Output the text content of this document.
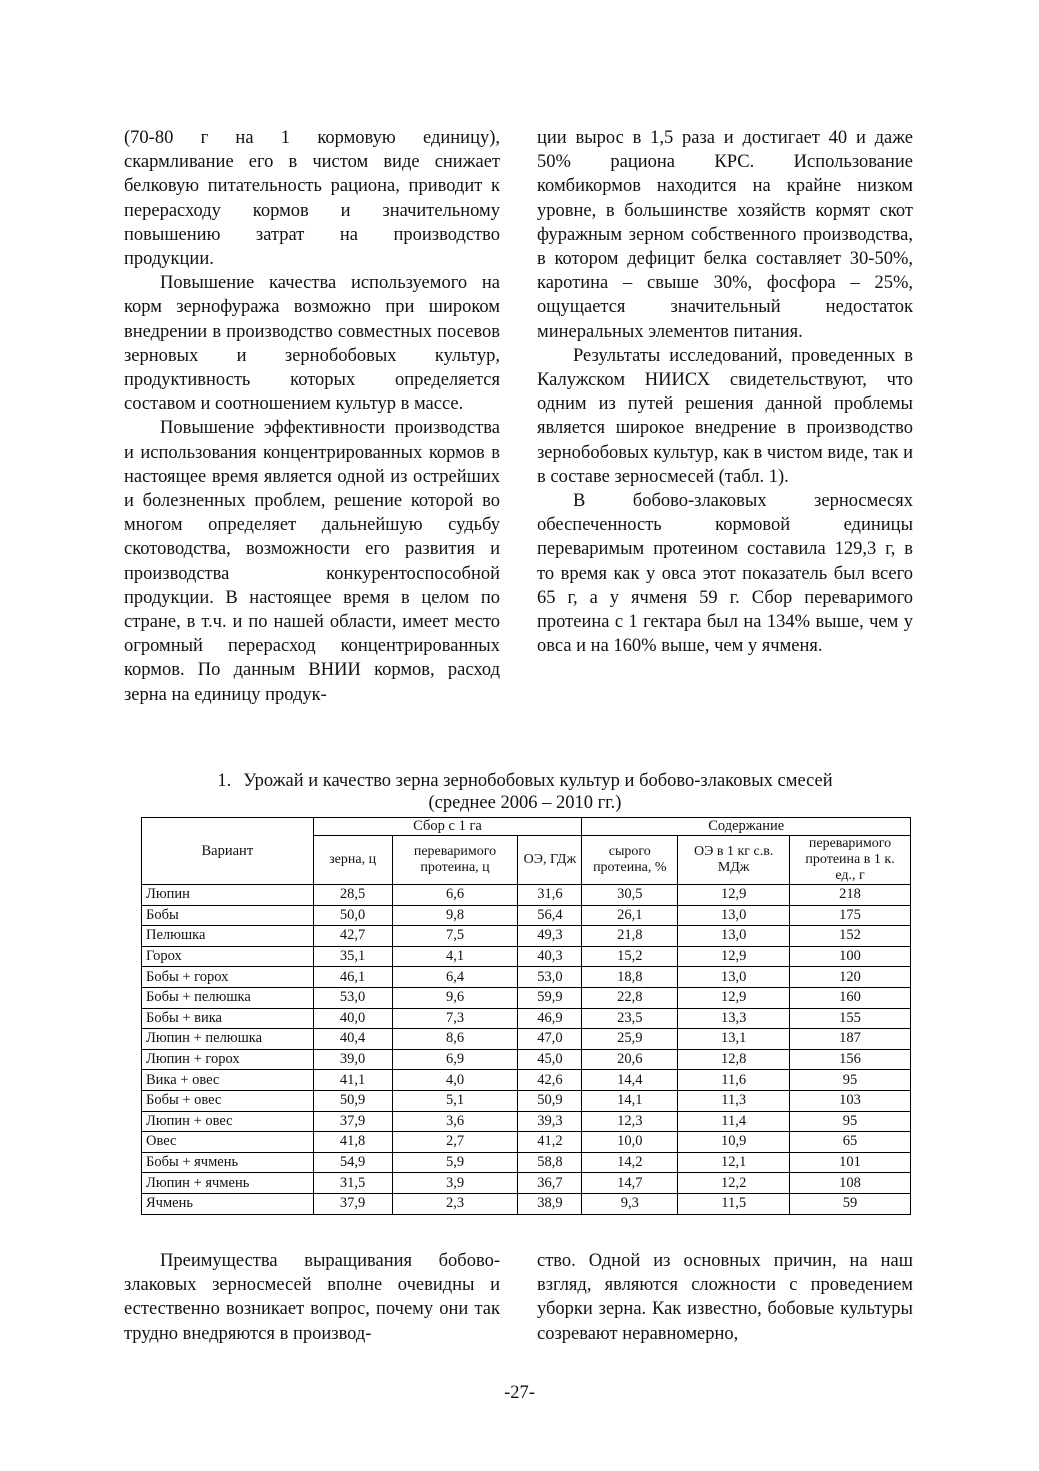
(70-80 г на 1 кормовую единицу), скармливание его в чистом виде снижает белковую питательность рациона, приводит к перерасходу кормов и значительному повышению затрат на производство продукции.

Повышение качества используемого на корм зернофуража возможно при широком внедрении в производство совместных посевов зерновых и зернобобовых культур, продуктивность которых определяется составом и соотношением культур в массе.

Повышение эффективности производства и использования концентрированных кормов в настоящее время является одной из острейших и болезненных проблем, решение которой во многом определяет дальнейшую судьбу скотоводства, возможности его развития и производства конкурентоспособной продукции. В настоящее время в целом по стране, в т.ч. и по нашей области, имеет место огромный перерасход концентрированных кормов. По данным ВНИИ кормов, расход зерна на единицу продук-

ции вырос в 1,5 раза и достигает 40 и даже 50% рациона КРС. Использование комбикормов находится на крайне низком уровне, в большинстве хозяйств кормят скот фуражным зерном собственного производства, в котором дефицит белка составляет 30-50%, каротина – свыше 30%, фосфора – 25%, ощущается значительный недостаток минеральных элементов питания.

Результаты исследований, проведенных в Калужском НИИСХ свидетельствуют, что одним из путей решения данной проблемы является широкое внедрение в производство зернобобовых культур, как в чистом виде, так и в составе зерносмесей (табл. 1).

В бобово-злаковых зерносмесях обеспеченность кормовой единицы переваримым протеином составила 129,3 г, в то время как у овса этот показатель был всего 65 г, а у ячменя 59 г. Сбор переваримого протеина с 1 гектара был на 134% выше, чем у овса и на 160% выше, чем у ячменя.

1. Урожай и качество зерна зернобобовых культур и бобово-злаковых смесей
(среднее 2006 – 2010 гг.)
Вариант	Сбор с 1 га			Содержание		
	зерна, ц	переваримого протеина, ц	ОЭ, ГДж	сырого протеина, %	ОЭ в 1 кг с.в. МДж	переваримого протеина в 1 к. ед., г
Люпин	28,5	6,6	31,6	30,5	12,9	218
Бобы	50,0	9,8	56,4	26,1	13,0	175
Пелюшка	42,7	7,5	49,3	21,8	13,0	152
Горох	35,1	4,1	40,3	15,2	12,9	100
Бобы + горох	46,1	6,4	53,0	18,8	13,0	120
Бобы + пелюшка	53,0	9,6	59,9	22,8	12,9	160
Бобы + вика	40,0	7,3	46,9	23,5	13,3	155
Люпин + пелюшка	40,4	8,6	47,0	25,9	13,1	187
Люпин + горох	39,0	6,9	45,0	20,6	12,8	156
Вика + овес	41,1	4,0	42,6	14,4	11,6	95
Бобы + овес	50,9	5,1	50,9	14,1	11,3	103
Люпин + овес	37,9	3,6	39,3	12,3	11,4	95
Овес	41,8	2,7	41,2	10,0	10,9	65
Бобы + ячмень	54,9	5,9	58,8	14,2	12,1	101
Люпин + ячмень	31,5	3,9	36,7	14,7	12,2	108
Ячмень	37,9	2,3	38,9	9,3	11,5	59

Преимущества выращивания бобово-злаковых зерносмесей вполне очевидны и естественно возникает вопрос, почему они так трудно внедряются в производ-

ство. Одной из основных причин, на наш взгляд, являются сложности с проведением уборки зерна. Как известно, бобовые культуры созревают неравномерно,

-27-
